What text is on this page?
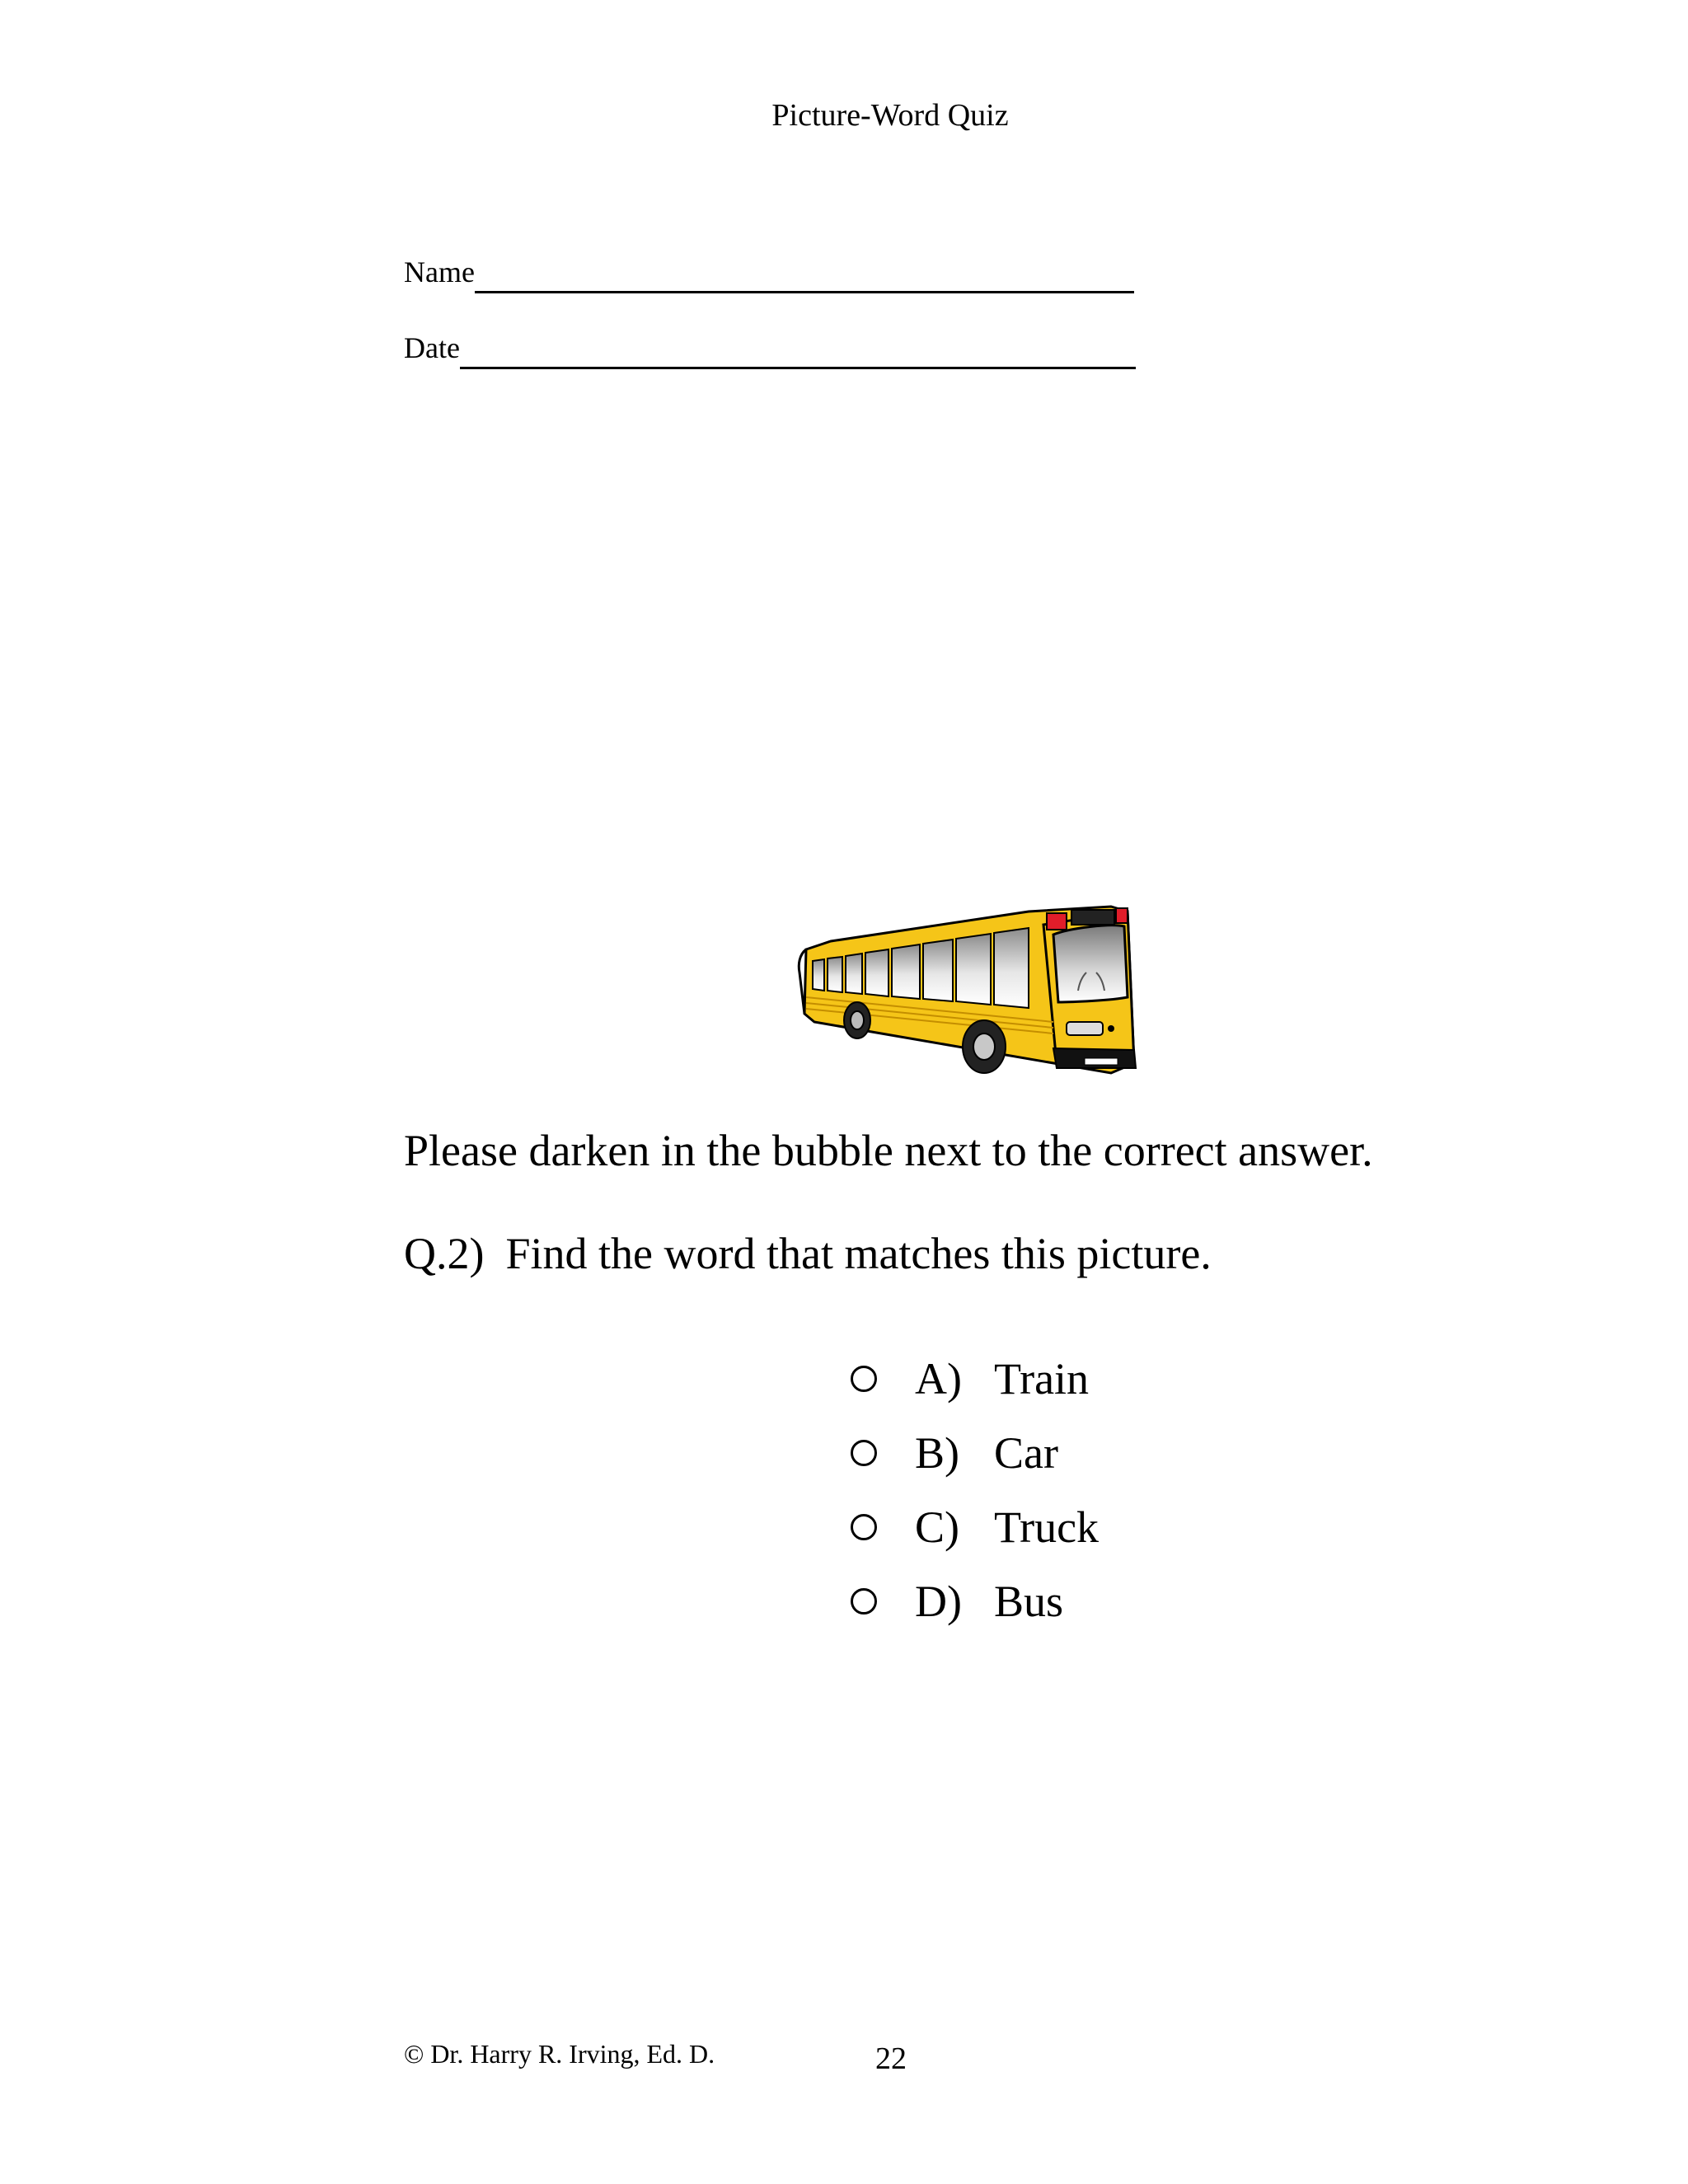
Picture-Word Quiz
Name
Date
Please darken in the bubble next to the correct answer.
Q.2) Find the word that matches this picture.
A) Train
B) Car
C) Truck
D) Bus
© Dr. Harry R. Irving, Ed. D.	22
